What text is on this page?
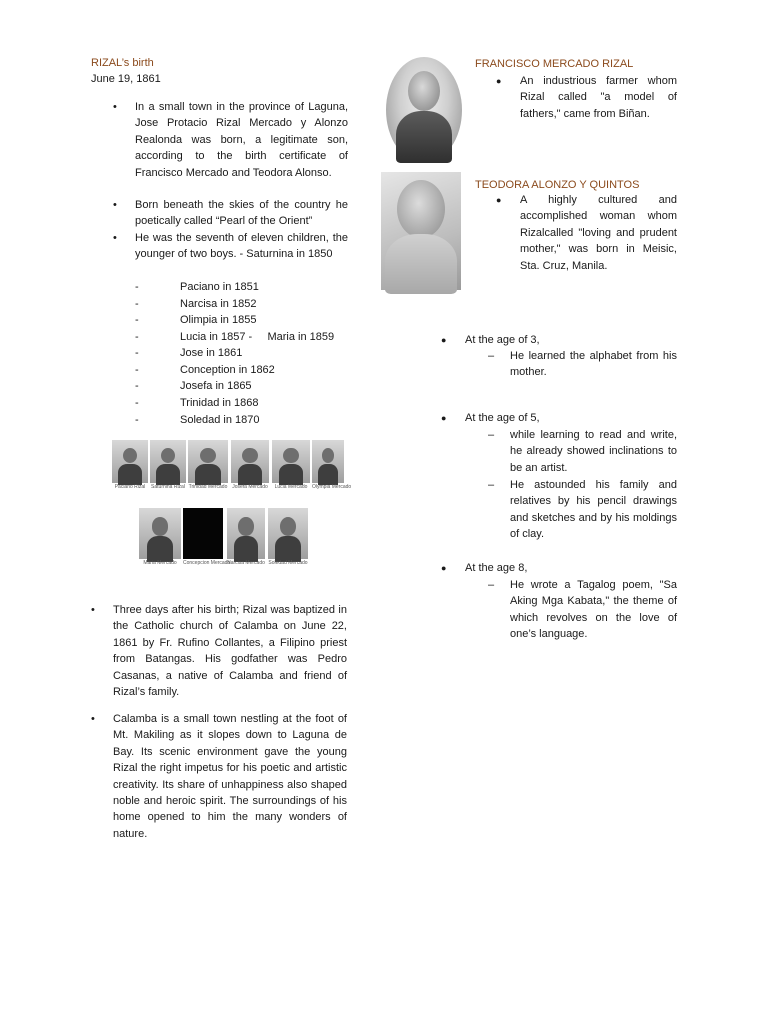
RIZAL’s birth
June 19, 1861
•	In a small town in the province of Laguna, Jose Protacio Rizal Mercado y Alonzo Realonda was born, a legitimate son, according to the birth certificate of Francisco Mercado and Teodora Alonso.
•	Born beneath the skies of the country he poetically called “Pearl of the Orient”
•	He was the seventh of eleven children, the younger of two boys. - Saturnina in 1850
-	Paciano in 1851
-	Narcisa in 1852
-	Olimpia in 1855
-	Lucia in 1857 -     Maria in 1859
-	Jose in 1861
-	Conception in 1862
-	Josefa in 1865
-	Trinidad in 1868
-	Soledad in 1870
Paciano Rizal	Saturnina Rizal Trinidad Mercado Josefa Mercado	Lucia Mercado Olympia Mercado
Maria Mercado	Concepcion Mercado
Narcisa Mercado Soledad Mercado
•	Three days after his birth; Rizal was baptized in the Catholic church of Calamba on June 22, 1861 by Fr. Rufino Collantes, a Filipino priest from Batangas. His godfather was Pedro Casanas, a native of Calamba and friend of Rizal’s family.
•	Calamba is a small town nestling at the foot of Mt. Makiling as it slopes down to Laguna de Bay. Its scenic environment gave the young Rizal the right impetus for his poetic and artistic creativity. Its share of unhappiness also shaped noble and heroic spirit. The surroundings of his home opened to him the many wonders of nature.
FRANCISCO MERCADO RIZAL
●	An industrious farmer whom Rizal called "a model of fathers," came from Biñan.
TEODORA ALONZO Y QUINTOS
●	A highly cultured and accomplished woman whom Rizalcalled "loving and prudent mother," was born in Meisic, Sta. Cruz, Manila.
●	At the age of 3,
–	He learned the alphabet from his mother.
●	At the age of 5,
–	while learning to read and write, he already showed inclinations to be an artist.
–	He astounded his family and relatives by his pencil drawings and sketches and by his moldings of clay.
●	At the age 8,
–	He wrote a Tagalog poem, "Sa Aking Mga Kabata," the theme of which revolves on the love of one’s language.
